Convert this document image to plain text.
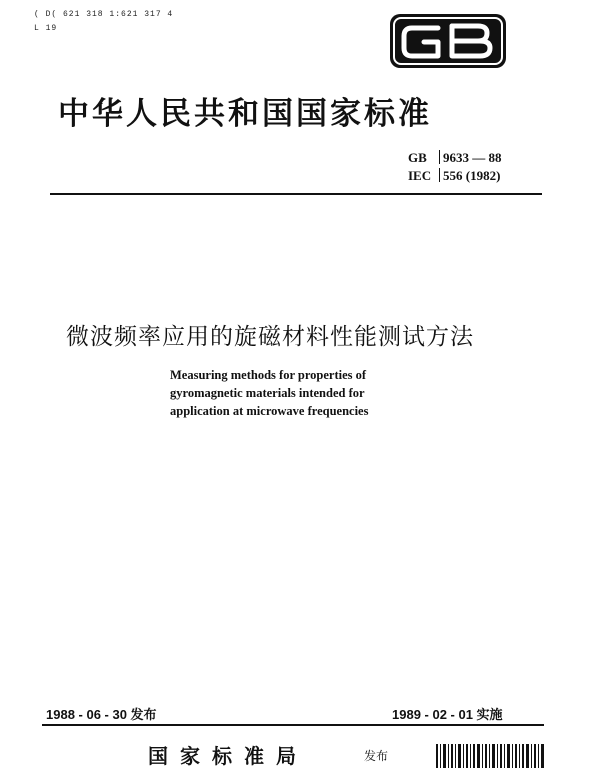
( D( 621 318 1:621 317 4
L 19
中华人民共和国国家标准
GB 9633 — 88
IEC 556 (1982)
微波频率应用的旋磁材料性能测试方法
Measuring methods for properties of
gyromagnetic materials intended for
application at microwave frequencies
1988 - 06 - 30 发布	1989 - 02 - 01 实施
国家标准局	发布
